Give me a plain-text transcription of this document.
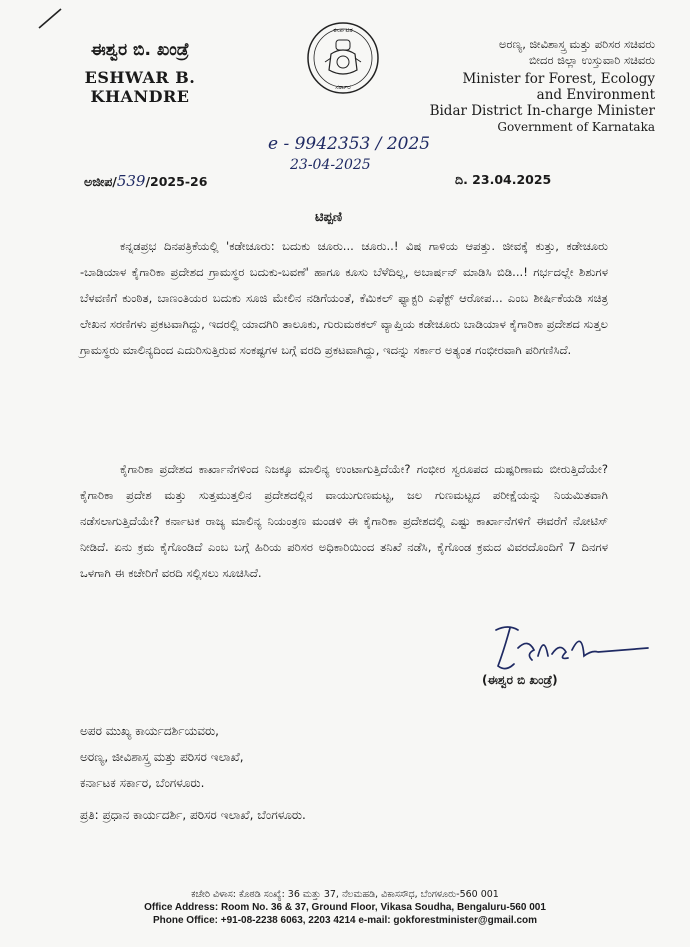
ಈಶ್ವರ ಬಿ. ಖಂಡ್ರೆ
ESHWAR B. KHANDRE
ಕರ್ನಾಟಕ
ಸರ್ಕಾರ
ಅರಣ್ಯ, ಜೀವಿಶಾಸ್ತ್ರ ಮತ್ತು ಪರಿಸರ ಸಚಿವರು
ಬೀದರ ಜಿಲ್ಲಾ ಉಸ್ತುವಾರಿ ಸಚಿವರು
Minister for Forest, Ecology
and Environment
Bidar District In-charge Minister
Government of Karnataka
e - 9942353 / 2025
23-04-2025
ಅಜೀಪ/539/2025-26	ದಿ. 23.04.2025
ಟಿಪ್ಪಣಿ
ಕನ್ನಡಪ್ರಭ ದಿನಪತ್ರಿಕೆಯಲ್ಲಿ 'ಕಡೇಚೂರು: ಬದುಕು ಚೂರು... ಚೂರು..! ವಿಷ ಗಾಳಿಯ ಆಪತ್ತು. ಜೀವಕ್ಕೆ ಕುತ್ತು, ಕಡೇಚೂರು -ಬಾಡಿಯಾಳ ಕೈಗಾರಿಕಾ ಪ್ರದೇಶದ ಗ್ರಾಮಸ್ಥರ ಬದುಕು-ಬವಣೆ' ಹಾಗೂ ಕೂಸು ಬೆಳೆದಿಲ್ಲ, ಅಬಾರ್ಷನ್ ಮಾಡಿಸಿ ಬಿಡಿ...! ಗರ್ಭದಲ್ಲೇ ಶಿಶುಗಳ ಬೆಳವಣಿಗೆ ಕುಂಠಿತ, ಬಾಣಂತಿಯರ ಬದುಕು ಸೂಜಿ ಮೇಲಿನ ನಡಿಗೆಯಂತೆ, ಕೆಮಿಕಲ್ ಫ್ಯಾಕ್ಟರಿ ಎಫೆಕ್ಟ್ ಆರೋಪ... ಎಂಬ ಶೀರ್ಷಿಕೆಯಡಿ ಸಚಿತ್ರ ಲೇಖನ ಸರಣಿಗಳು ಪ್ರಕಟವಾಗಿದ್ದು, ಇದರಲ್ಲಿ ಯಾದಗಿರಿ ತಾಲೂಕು, ಗುರುಮಠಕಲ್ ವ್ಯಾಪ್ತಿಯ ಕಡೇಚೂರು ಬಾಡಿಯಾಳ ಕೈಗಾರಿಕಾ ಪ್ರದೇಶದ ಸುತ್ತಲ ಗ್ರಾಮಸ್ಥರು ಮಾಲಿನ್ಯದಿಂದ ಎದುರಿಸುತ್ತಿರುವ ಸಂಕಷ್ಟಗಳ ಬಗ್ಗೆ ವರದಿ ಪ್ರಕಟವಾಗಿದ್ದು, ಇದನ್ನು ಸರ್ಕಾರ ಅತ್ಯಂತ ಗಂಭೀರವಾಗಿ ಪರಿಗಣಿಸಿದೆ.
ಕೈಗಾರಿಕಾ ಪ್ರದೇಶದ ಕಾರ್ಖಾನೆಗಳಿಂದ ನಿಜಕ್ಕೂ ಮಾಲಿನ್ಯ ಉಂಟಾಗುತ್ತಿದೆಯೇ? ಗಂಭೀರ ಸ್ವರೂಪದ ದುಷ್ಪರಿಣಾಮ ಬೀರುತ್ತಿದೆಯೇ? ಕೈಗಾರಿಕಾ ಪ್ರದೇಶ ಮತ್ತು ಸುತ್ತಮುತ್ತಲಿನ ಪ್ರದೇಶದಲ್ಲಿನ ವಾಯುಗುಣಮಟ್ಟ, ಜಲ ಗುಣಮಟ್ಟದ ಪರೀಕ್ಷೆಯನ್ನು ನಿಯಮಿತವಾಗಿ ನಡೆಸಲಾಗುತ್ತಿದೆಯೇ? ಕರ್ನಾಟಕ ರಾಜ್ಯ ಮಾಲಿನ್ಯ ನಿಯಂತ್ರಣ ಮಂಡಳಿ ಈ ಕೈಗಾರಿಕಾ ಪ್ರದೇಶದಲ್ಲಿ ಎಷ್ಟು ಕಾರ್ಖಾನೆಗಳಿಗೆ ಈವರೆಗೆ ನೋಟಿಸ್ ನೀಡಿದೆ. ಏನು ಕ್ರಮ ಕೈಗೊಂಡಿದೆ ಎಂಬ ಬಗ್ಗೆ ಹಿರಿಯ ಪರಿಸರ ಅಧಿಕಾರಿಯಿಂದ ತನಿಖೆ ನಡೆಸಿ, ಕೈಗೊಂಡ ಕ್ರಮದ ವಿವರದೊಂದಿಗೆ 7 ದಿನಗಳ ಒಳಗಾಗಿ ಈ ಕಚೇರಿಗೆ ವರದಿ ಸಲ್ಲಿಸಲು ಸೂಚಿಸಿದೆ.
(ಈಶ್ವರ ಬಿ ಖಂಡ್ರೆ)
ಅಪರ ಮುಖ್ಯ ಕಾರ್ಯದರ್ಶಿಯವರು,
ಅರಣ್ಯ, ಜೀವಿಶಾಸ್ತ್ರ ಮತ್ತು ಪರಿಸರ ಇಲಾಖೆ,
ಕರ್ನಾಟಕ ಸರ್ಕಾರ, ಬೆಂಗಳೂರು.
ಪ್ರತಿ: ಪ್ರಧಾನ ಕಾರ್ಯದರ್ಶಿ, ಪರಿಸರ ಇಲಾಖೆ, ಬೆಂಗಳೂರು.
ಕಚೇರಿ ವಿಳಾಸ: ಕೊಠಡಿ ಸಂಖ್ಯೆ: 36 ಮತ್ತು 37, ನೆಲಮಹಡಿ, ವಿಕಾಸಸೌಧ, ಬೆಂಗಳೂರು-560 001
Office Address: Room No. 36 & 37, Ground Floor, Vikasa Soudha, Bengaluru-560 001
Phone Office: +91-08-2238 6063, 2203 4214 e-mail: gokforestminister@gmail.com
